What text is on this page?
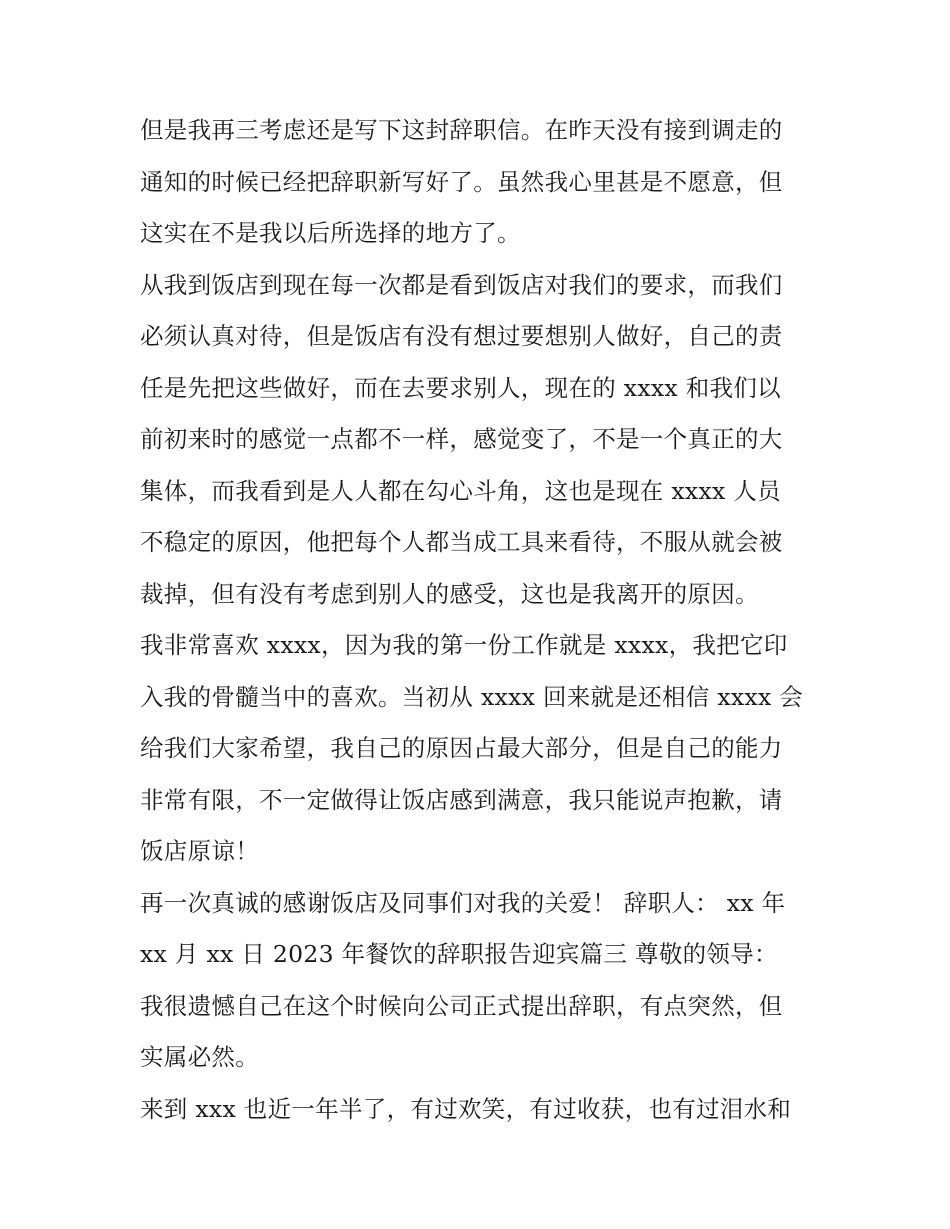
但是我再三考虑还是写下这封辞职信。在昨天没有接到调走的
通知的时候已经把辞职新写好了。虽然我心里甚是不愿意，但
这实在不是我以后所选择的地方了。
从我到饭店到现在每一次都是看到饭店对我们的要求，而我们
必须认真对待，但是饭店有没有想过要想别人做好，自己的责
任是先把这些做好，而在去要求别人，现在的 xxxx 和我们以
前初来时的感觉一点都不一样，感觉变了，不是一个真正的大
集体，而我看到是人人都在勾心斗角，这也是现在 xxxx 人员
不稳定的原因，他把每个人都当成工具来看待，不服从就会被
裁掉，但有没有考虑到别人的感受，这也是我离开的原因。
我非常喜欢 xxxx，因为我的第一份工作就是 xxxx，我把它印
入我的骨髓当中的喜欢。当初从 xxxx 回来就是还相信 xxxx 会
给我们大家希望，我自己的原因占最大部分，但是自己的能力
非常有限，不一定做得让饭店感到满意，我只能说声抱歉，请
饭店原谅！
再一次真诚的感谢饭店及同事们对我的关爱！ 辞职人： xx 年
xx 月 xx 日 2023 年餐饮的辞职报告迎宾篇三 尊敬的领导：
我很遗憾自己在这个时候向公司正式提出辞职，有点突然，但
实属必然。
来到 xxx 也近一年半了，有过欢笑，有过收获，也有过泪水和
